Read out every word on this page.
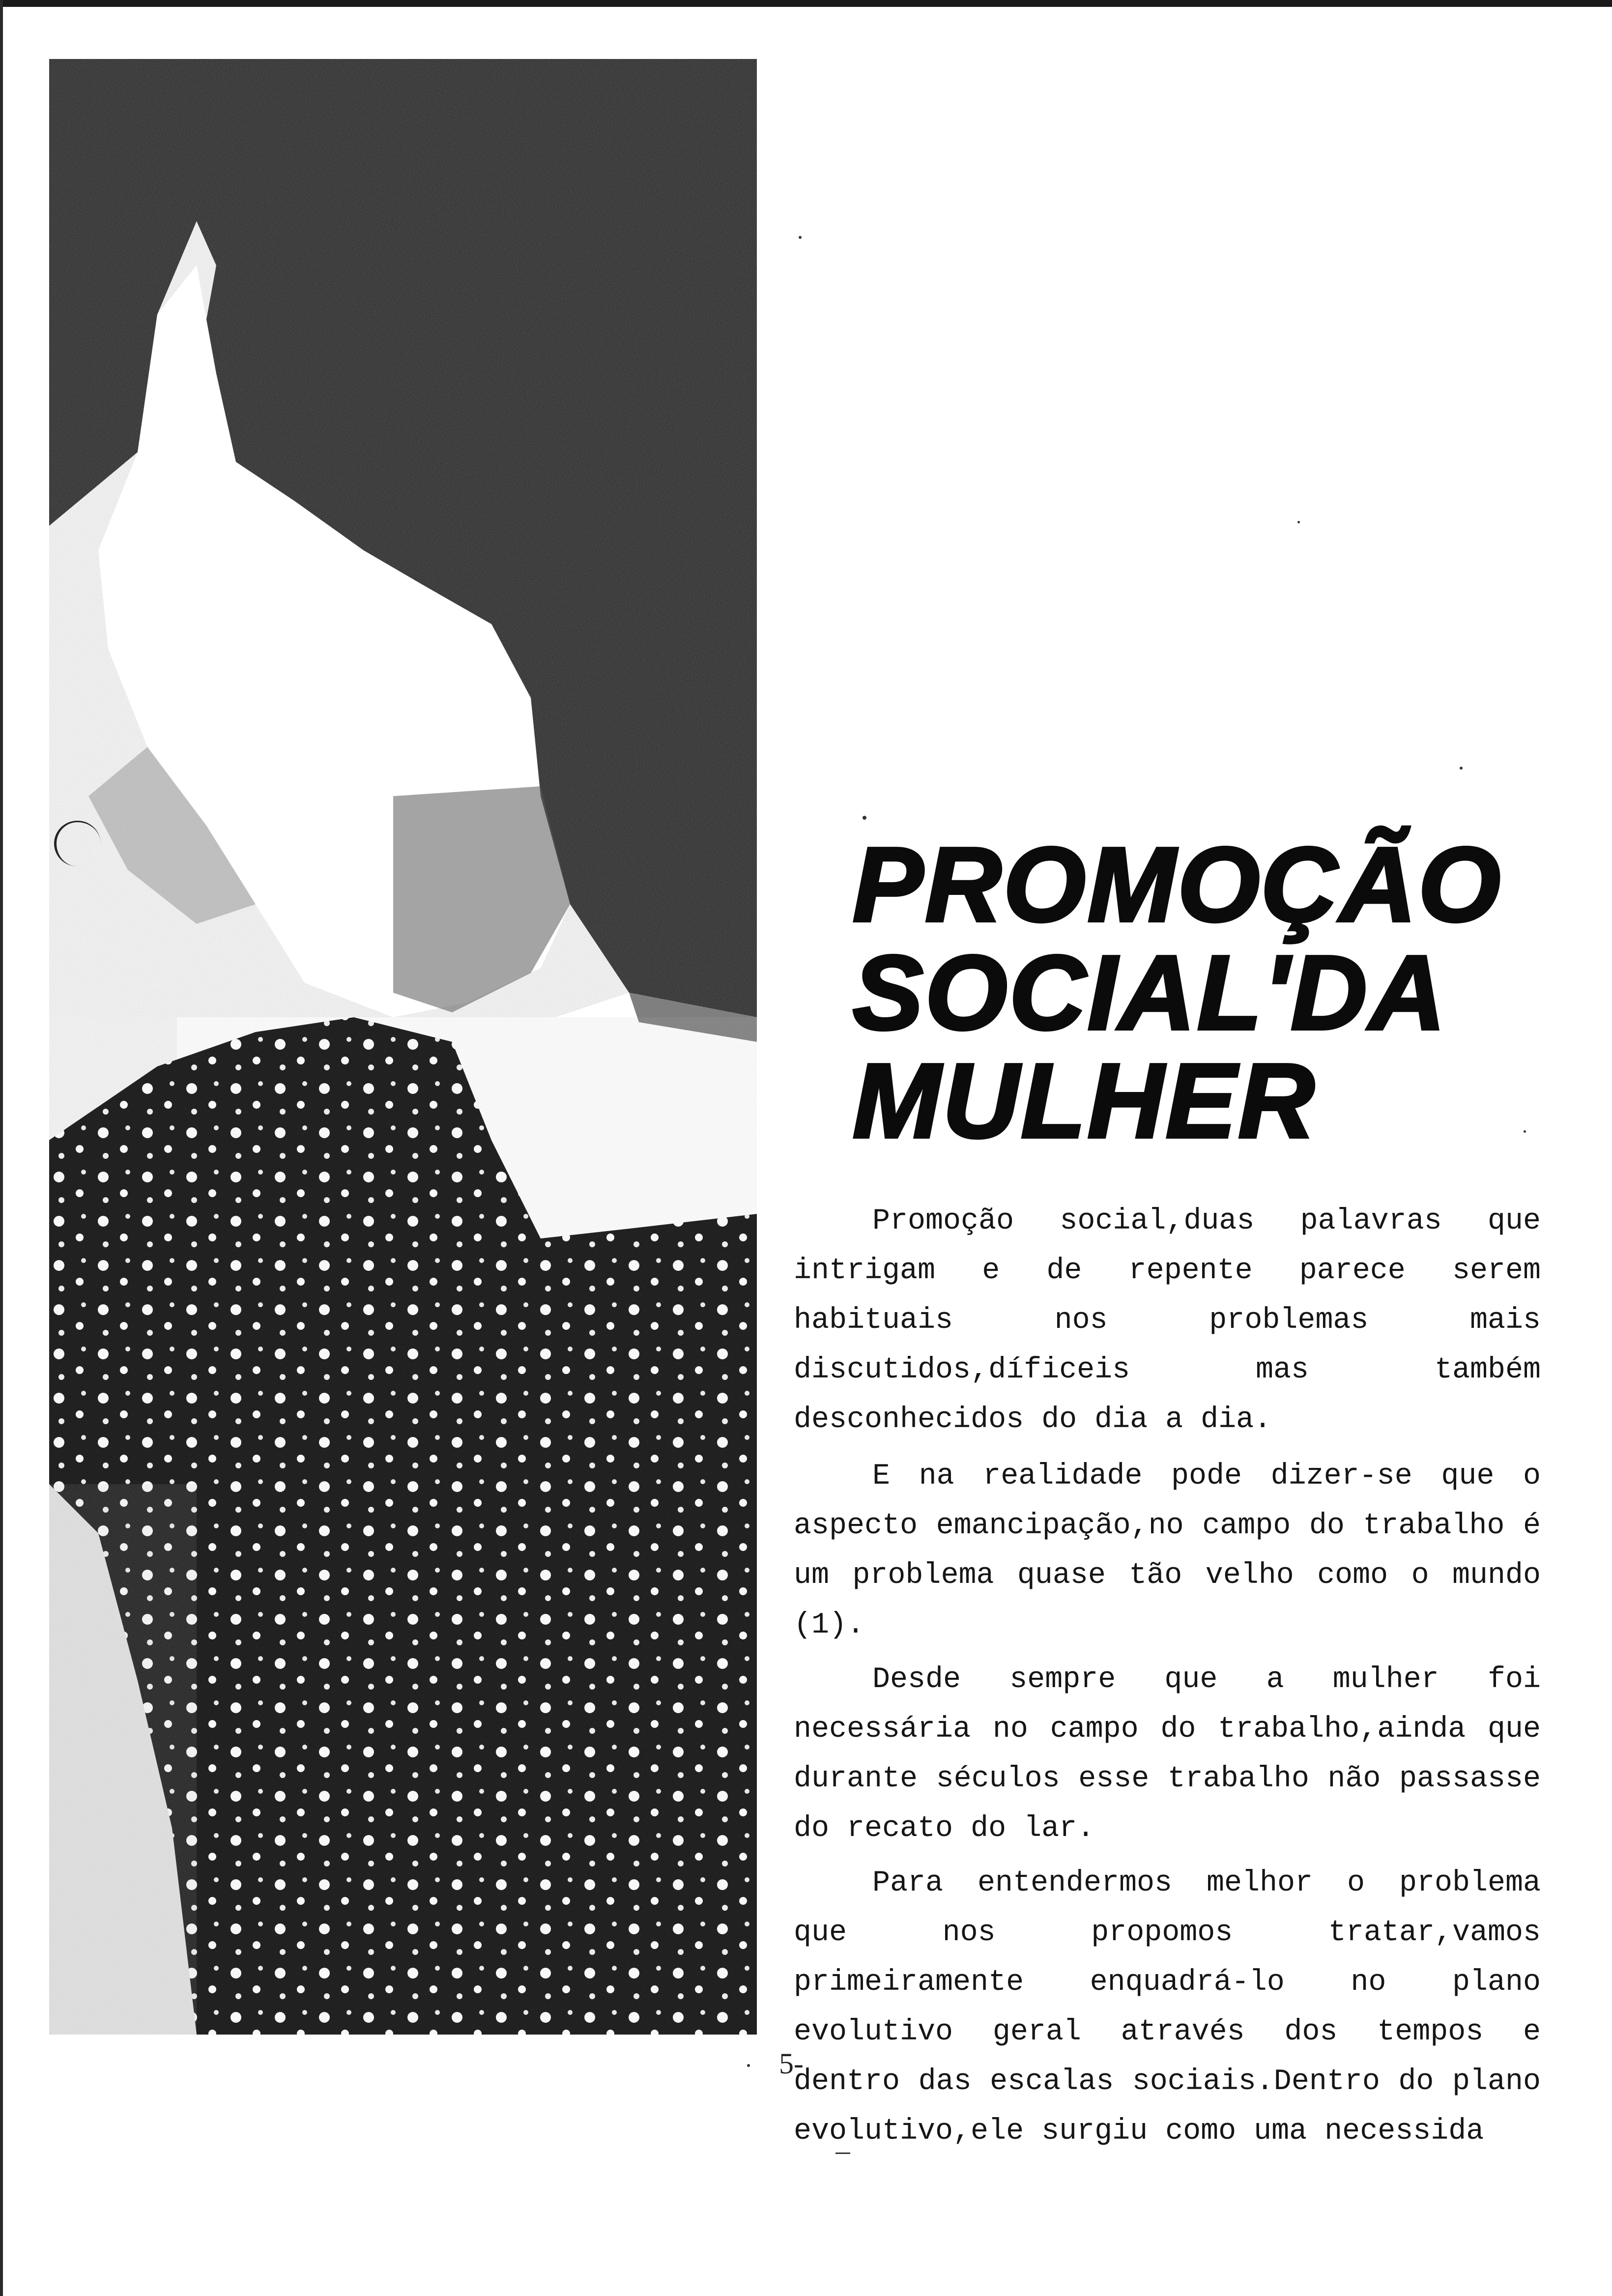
PROMOÇÃO
SOCIAL'DA
MULHER

Promoção social,duas palavras que intrigam e de repente parece serem habituais nos problemas mais discutidos,díficeis mas também desconhecidos do dia a dia.

E na realidade pode dizer-se que o aspecto emancipação,no campo do trabalho é um problema quase tão velho como o mundo (1).

Desde sempre que a mulher foi necessária no campo do trabalho,ainda que durante séculos esse trabalho não passasse do recato do lar.

Para entendermos melhor o problema que nos propomos tratar,vamos primeiramente enquadrá-lo no plano evolutivo geral através dos tempos e dentro das escalas sociais.Dentro do plano evolutivo,ele surgiu como uma necessida

5-
